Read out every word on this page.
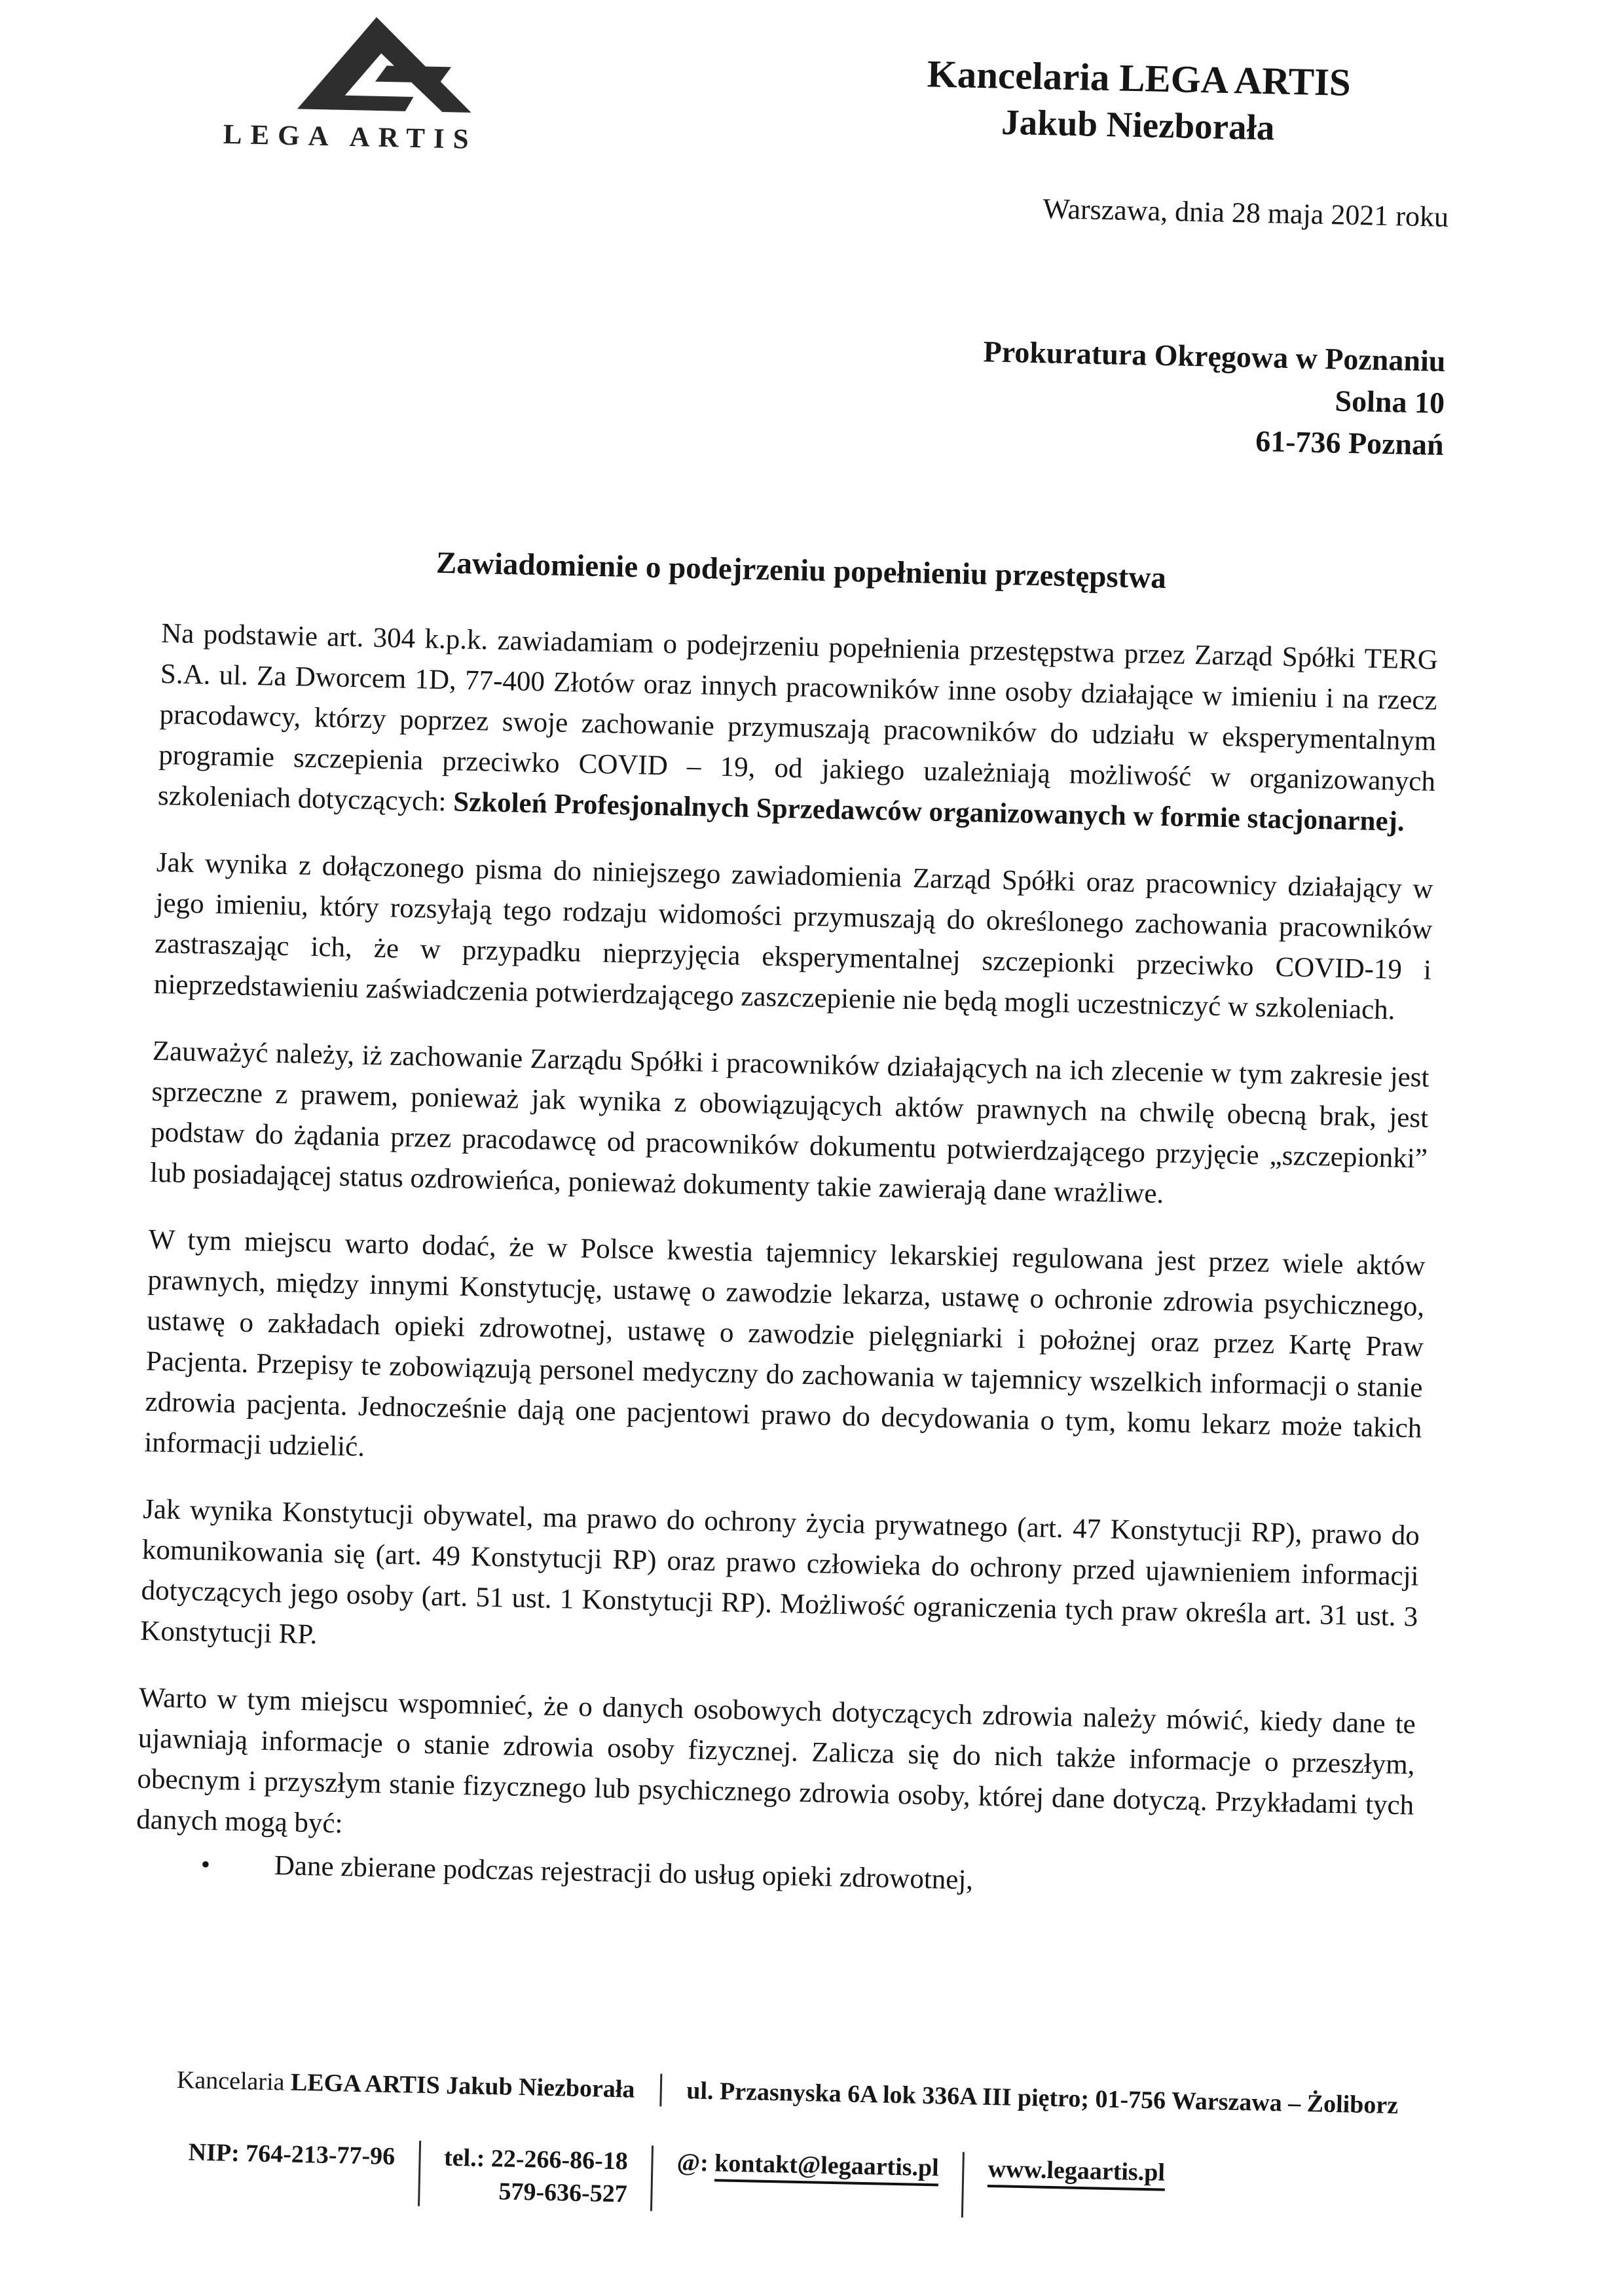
LEGA ARTIS
Kancelaria LEGA ARTIS
Jakub Niezborała
Warszawa, dnia 28 maja 2021 roku
Prokuratura Okręgowa w Poznaniu
Solna 10
61-736 Poznań
Zawiadomienie o podejrzeniu popełnieniu przestępstwa

Na podstawie art. 304 k.p.k. zawiadamiam o podejrzeniu popełnienia przestępstwa przez Zarząd Spółki TERG S.A. ul. Za Dworcem 1D, 77-400 Złotów oraz innych pracowników inne osoby działające w imieniu i na rzecz pracodawcy, którzy poprzez swoje zachowanie przymuszają pracowników do udziału w eksperymentalnym programie szczepienia przeciwko COVID – 19, od jakiego uzależniają możliwość w organizowanych szkoleniach dotyczących: Szkoleń Profesjonalnych Sprzedawców organizowanych w formie stacjonarnej.

Jak wynika z dołączonego pisma do niniejszego zawiadomienia Zarząd Spółki oraz pracownicy działający w jego imieniu, który rozsyłają tego rodzaju widomości przymuszają do określonego zachowania pracowników zastraszając ich, że w przypadku nieprzyjęcia eksperymentalnej szczepionki przeciwko COVID-19 i nieprzedstawieniu zaświadczenia potwierdzającego zaszczepienie nie będą mogli uczestniczyć w szkoleniach.

Zauważyć należy, iż zachowanie Zarządu Spółki i pracowników działających na ich zlecenie w tym zakresie jest sprzeczne z prawem, ponieważ jak wynika z obowiązujących aktów prawnych na chwilę obecną brak, jest podstaw do żądania przez pracodawcę od pracowników dokumentu potwierdzającego przyjęcie „szczepionki” lub posiadającej status ozdrowieńca, ponieważ dokumenty takie zawierają dane wrażliwe.

W tym miejscu warto dodać, że w Polsce kwestia tajemnicy lekarskiej regulowana jest przez wiele aktów prawnych, między innymi Konstytucję, ustawę o zawodzie lekarza, ustawę o ochronie zdrowia psychicznego, ustawę o zakładach opieki zdrowotnej, ustawę o zawodzie pielęgniarki i położnej oraz przez Kartę Praw Pacjenta. Przepisy te zobowiązują personel medyczny do zachowania w tajemnicy wszelkich informacji o stanie zdrowia pacjenta. Jednocześnie dają one pacjentowi prawo do decydowania o tym, komu lekarz może takich informacji udzielić.

Jak wynika Konstytucji obywatel, ma prawo do ochrony życia prywatnego (art. 47 Konstytucji RP), prawo do komunikowania się (art. 49 Konstytucji RP) oraz prawo człowieka do ochrony przed ujawnieniem informacji dotyczących jego osoby (art. 51 ust. 1 Konstytucji RP). Możliwość ograniczenia tych praw określa art. 31 ust. 3 Konstytucji RP.

Warto w tym miejscu wspomnieć, że o danych osobowych dotyczących zdrowia należy mówić, kiedy dane te ujawniają informacje o stanie zdrowia osoby fizycznej. Zalicza się do nich także informacje o przeszłym, obecnym i przyszłym stanie fizycznego lub psychicznego zdrowia osoby, której dane dotyczą. Przykładami tych danych mogą być:

• Dane zbierane podczas rejestracji do usług opieki zdrowotnej,
Kancelaria LEGA ARTIS Jakub Niezborała	ul. Przasnyska 6A lok 336A III piętro; 01-756 Warszawa – Żoliborz
NIP: 764-213-77-96	tel.: 22-266-86-18
579-636-527
@: kontakt@legaartis.pl	www.legaartis.pl
